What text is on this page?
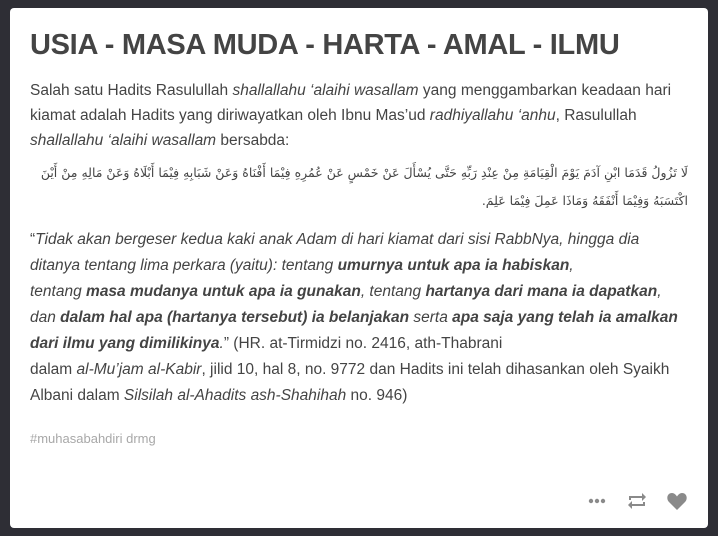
USIA - MASA MUDA - HARTA - AMAL - ILMU

Salah satu Hadits Rasulullah shallallahu ‘alaihi wasallam yang menggambarkan keadaan hari kiamat adalah Hadits yang diriwayatkan oleh Ibnu Mas’ud radhiyallahu ‘anhu, Rasulullah shallallahu ‘alaihi wasallam bersabda:

لَا تَزُولُ قَدَمَا ابْنِ آدَمَ يَوْمَ الْقِيَامَةِ مِنْ عِنْدِ رَبِّهِ حَتَّى يُسْأَلَ عَنْ خَمْسٍ عَنْ عُمُرِهِ فِيْمَا أَفْنَاهُ وَعَنْ شَبَابِهِ فِيْمَا أَبْلَاهُ وَعَنْ مَالِهِ مِنْ أَيْنَ اكْتَسَبَهُ وَفِيْمَا أَنْفَقَهُ وَمَاذَا عَمِلَ فِيْمَا عَلِمَ.

“Tidak akan bergeser kedua kaki anak Adam di hari kiamat dari sisi RabbNya, hingga dia ditanya tentang lima perkara (yaitu): tentang umurnya untuk apa ia habiskan,
tentang masa mudanya untuk apa ia gunakan, tentang hartanya dari mana ia dapatkan,
dan dalam hal apa (hartanya tersebut) ia belanjakan serta apa saja yang telah ia amalkan dari ilmu yang dimilikinya.” (HR. at-Tirmidzi no. 2416, ath-Thabrani
dalam al-Mu’jam al-Kabir, jilid 10, hal 8, no. 9772 dan Hadits ini telah dihasankan oleh Syaikh Albani dalam Silsilah al-Ahadits ash-Shahihah no. 946)

#muhasabahdiri drmg
